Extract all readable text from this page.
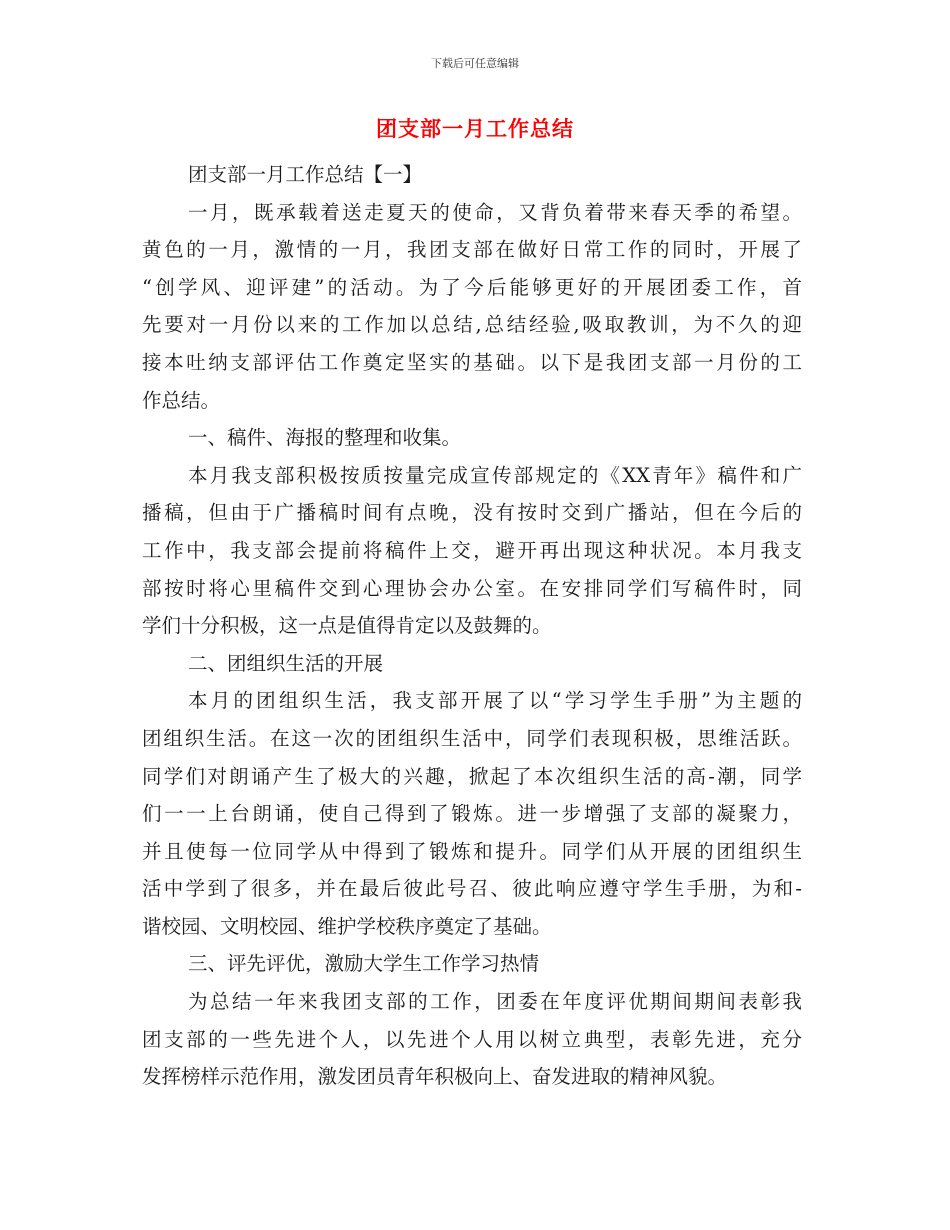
下载后可任意编辑
团支部一月工作总结
团支部一月工作总结【一】
一月，既承载着送走夏天的使命，又背负着带来春天季的希望。
黄色的一月，激情的一月，我团支部在做好日常工作的同时，开展了
“创学风、迎评建”的活动。为了今后能够更好的开展团委工作，首
先要对一月份以来的工作加以总结,总结经验,吸取教训，为不久的迎
接本吐纳支部评估工作奠定坚实的基础。以下是我团支部一月份的工
作总结。
一、稿件、海报的整理和收集。
本月我支部积极按质按量完成宣传部规定的《XX青年》稿件和广
播稿，但由于广播稿时间有点晚，没有按时交到广播站，但在今后的
工作中，我支部会提前将稿件上交，避开再出现这种状况。本月我支
部按时将心里稿件交到心理协会办公室。在安排同学们写稿件时，同
学们十分积极，这一点是值得肯定以及鼓舞的。
二、团组织生活的开展
本月的团组织生活，我支部开展了以“学习学生手册”为主题的
团组织生活。在这一次的团组织生活中，同学们表现积极，思维活跃。
同学们对朗诵产生了极大的兴趣，掀起了本次组织生活的高-潮，同学
们一一上台朗诵，使自己得到了锻炼。进一步增强了支部的凝聚力，
并且使每一位同学从中得到了锻炼和提升。同学们从开展的团组织生
活中学到了很多，并在最后彼此号召、彼此响应遵守学生手册，为和-
谐校园、文明校园、维护学校秩序奠定了基础。
三、评先评优，激励大学生工作学习热情
为总结一年来我团支部的工作，团委在年度评优期间期间表彰我
团支部的一些先进个人，以先进个人用以树立典型，表彰先进，充分
发挥榜样示范作用，激发团员青年积极向上、奋发进取的精神风貌。
